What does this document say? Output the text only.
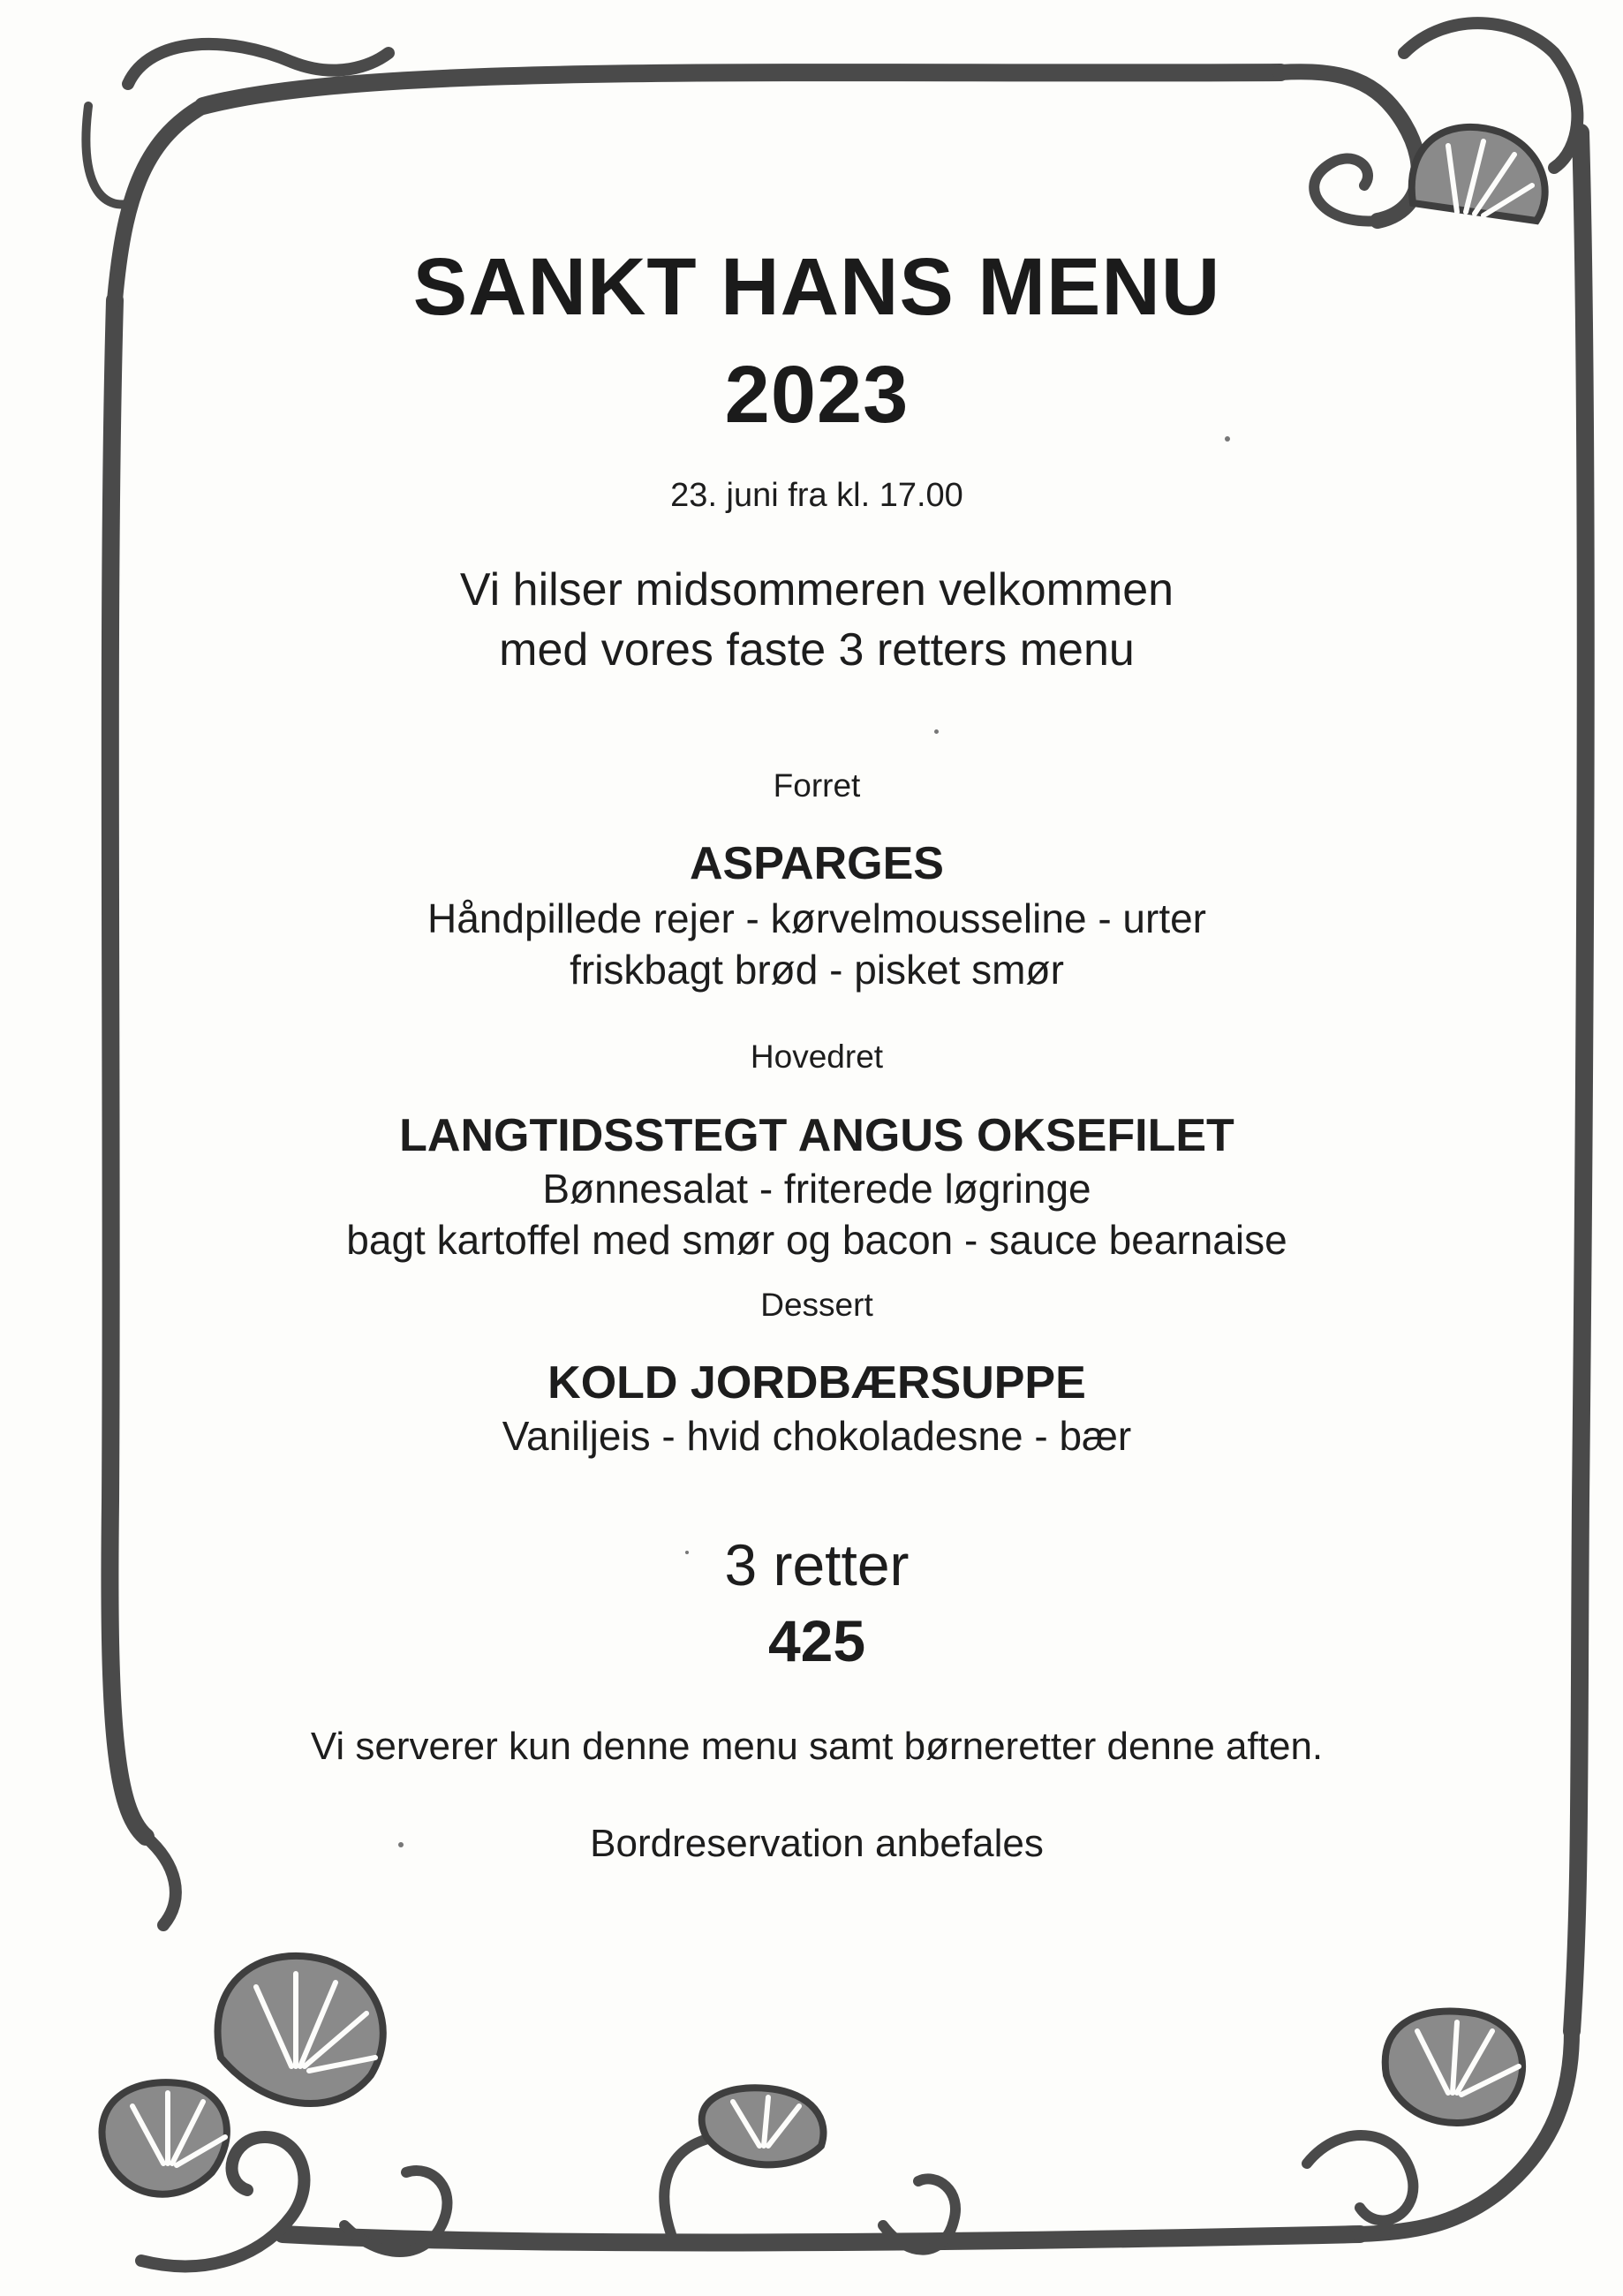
SANKT HANS MENU
2023
23. juni fra kl. 17.00
Vi hilser midsommeren velkommen
med vores faste 3 retters menu
Forret
ASPARGES
Håndpillede rejer - kørvelmousseline - urter
friskbagt brød - pisket smør
Hovedret
LANGTIDSSTEGT ANGUS OKSEFILET
Bønnesalat - friterede løgringe
bagt kartoffel med smør og bacon - sauce bearnaise
Dessert
KOLD JORDBÆRSUPPE
Vaniljeis - hvid chokoladesne - bær
3 retter
425
Vi serverer kun denne menu samt børneretter denne aften.
Bordreservation anbefales
